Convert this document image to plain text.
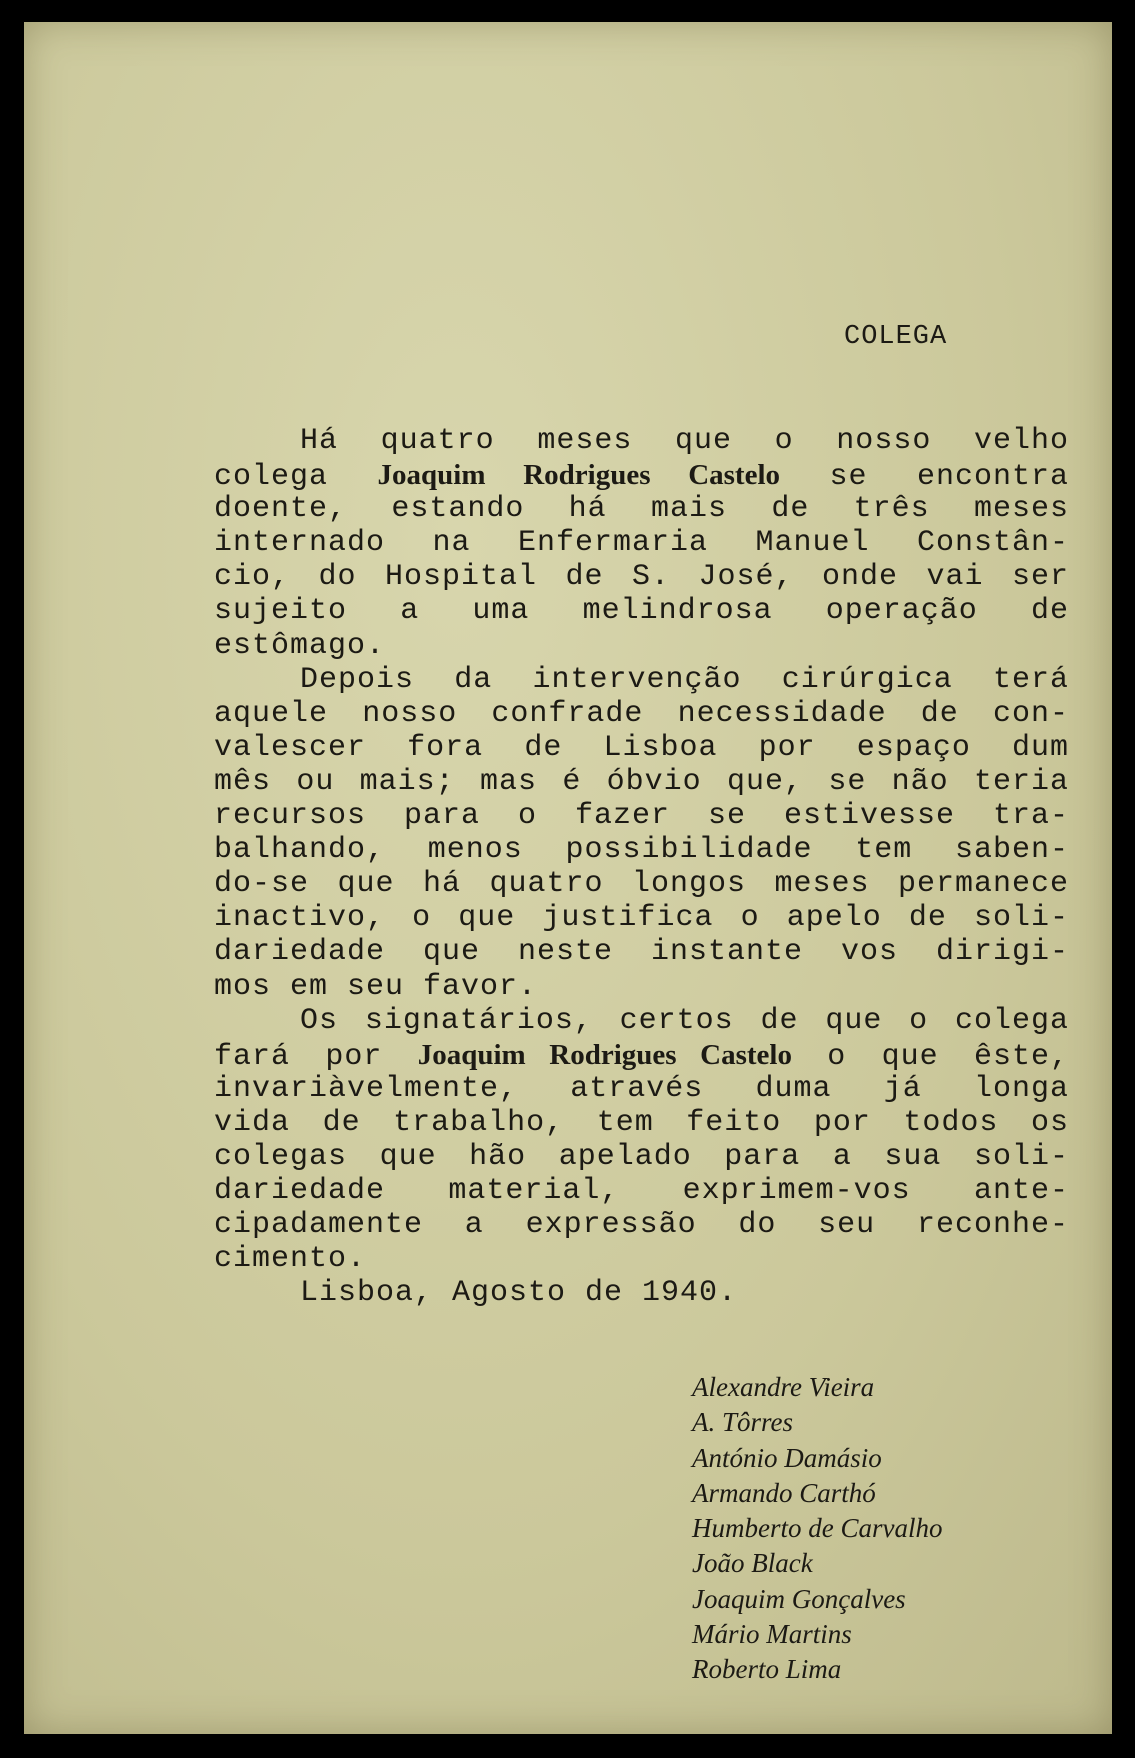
COLEGA
Há quatro meses que o nosso velho
colega Joaquim Rodrigues Castelo se encontra
doente, estando há mais de três meses
internado na Enfermaria Manuel Constân-
cio, do Hospital de S. José, onde vai ser
sujeito a uma melindrosa operação de
estômago.
Depois da intervenção cirúrgica terá
aquele nosso confrade necessidade de con-
valescer fora de Lisboa por espaço dum
mês ou mais; mas é óbvio que, se não teria
recursos para o fazer se estivesse tra-
balhando, menos possibilidade tem saben-
do-se que há quatro longos meses permanece
inactivo, o que justifica o apelo de soli-
dariedade que neste instante vos dirigi-
mos em seu favor.
Os signatários, certos de que o colega
fará por Joaquim Rodrigues Castelo o que êste,
invariàvelmente, através duma já longa
vida de trabalho, tem feito por todos os
colegas que hão apelado para a sua soli-
dariedade material, exprimem-vos ante-
cipadamente a expressão do seu reconhe-
cimento.
Lisboa, Agosto de 1940.
Alexandre Vieira
A. Tôrres
António Damásio
Armando Carthó
Humberto de Carvalho
João Black
Joaquim Gonçalves
Mário Martins
Roberto Lima
